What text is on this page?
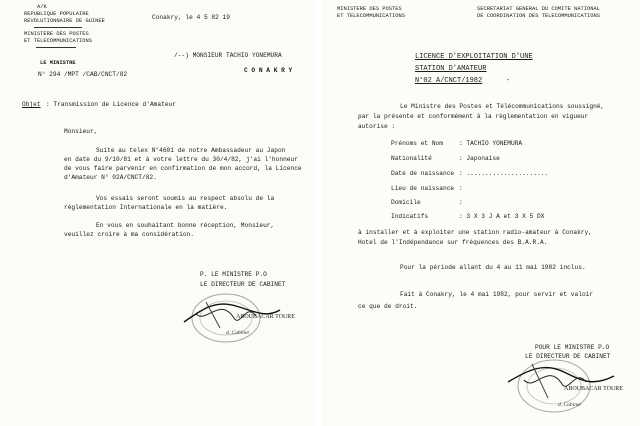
A/K
REPUBLIQUE POPULAIRE
REVOLUTIONNAIRE DE GUINEE
MINISTERE DES POSTES
ET TELECOMMUNICATIONS
LE MINISTRE
N° 294 /MPT /CAB/CNCT/82
Conakry, le 4 5 82 19
/--) MONSIEUR TACHIO YONEMURA
C O N A K R Y
Objet : Transmission de Licence d'Amateur
Monsieur,
Suite au telex N°4601 de notre Ambassadeur au Japon
en date du 9/10/81 et à votre lettre du 30/4/82, j'ai l'honneur
de vous faire parvenir en confirmation de mon accord, la Licence
d'Amateur N° 02A/CNCT/82.
Vos essais seront soumis au respect absolu de la
règlementation Internationale en la matière.
En vous en souhaitant bonne réception, Monsieur,
veuillez croire à ma considération.
P. LE MINISTRE P.O
LE DIRECTEUR DE CABINET
ABOUBACAR TOURE
d. Cabinet
MINISTERE DES POSTES
ET TELECOMMUNICATIONS
SECRETARIAT GENERAL DU COMITE NATIONAL
DE COORDINATION DES TELECOMMUNICATIONS
LICENCE D'EXPLOITATION D'UNE
STATION D'AMATEUR
N°02 A/CNCT/1982	-
Le Ministre des Postes et Télécommunications soussigné,
par la présente et conformément à la règlementation en vigueur
autorise :
Prénoms et Nom	: TACHIO YONEMURA
Nationalité	: Japonaise
Date de naissance : ......................
Lieu de naissance :
Domicile	:
Indicatifs	: 3 X 3 J A et 3 X 5 DX
à installer et à exploiter une station radio-amateur à Conakry,
Hotel de l'Indépendance sur fréquences des B.A.R.A.
Pour la période allant du 4 au 11 mai 1982 inclus.
Fait à Conakry, le 4 mai 1982, pour servir et valoir
ce que de droit.
POUR LE MINISTRE P.O
LE DIRECTEUR DE CABINET
ABOUBACAR TOURE
d. Cabinet
